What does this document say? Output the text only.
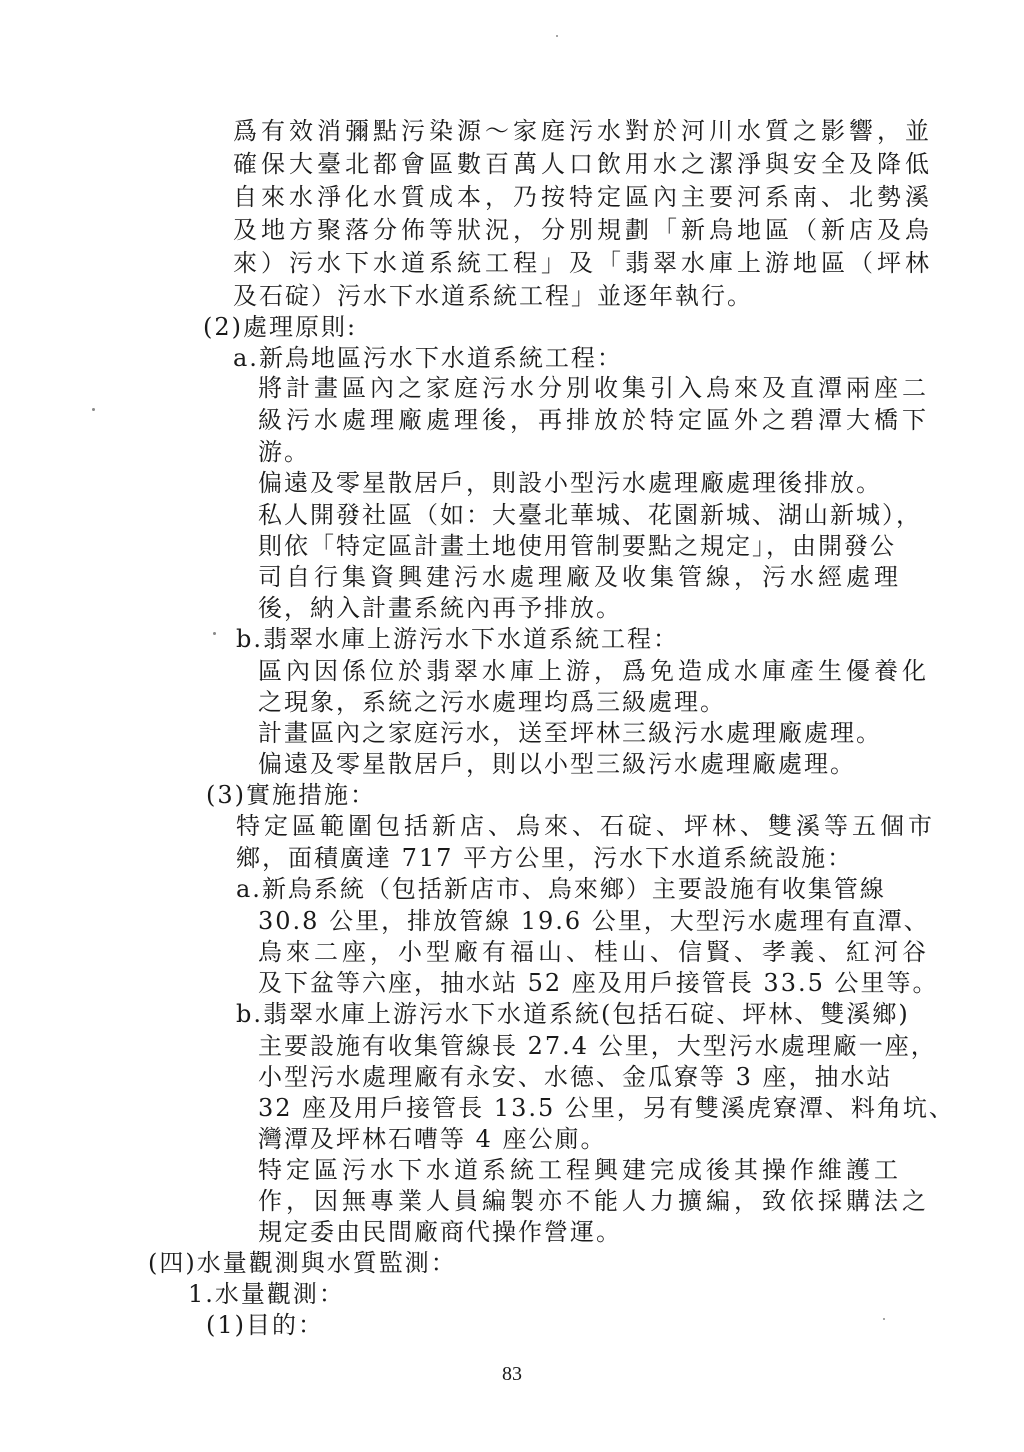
爲有效消彌點污染源～家庭污水對於河川水質之影響，並
確保大臺北都會區數百萬人口飲用水之潔淨與安全及降低
自來水淨化水質成本，乃按特定區內主要河系南、北勢溪
及地方聚落分佈等狀況，分別規劃「新烏地區（新店及烏
來）污水下水道系統工程」及「翡翠水庫上游地區（坪林
及石碇）污水下水道系統工程」並逐年執行。
(2)處理原則:
a.新烏地區污水下水道系統工程：
將計畫區內之家庭污水分別收集引入烏來及直潭兩座二
級污水處理廠處理後，再排放於特定區外之碧潭大橋下
游。
偏遠及零星散居戶，則設小型污水處理廠處理後排放。
私人開發社區（如：大臺北華城、花園新城、湖山新城），
則依「特定區計畫土地使用管制要點之規定」，由開發公
司自行集資興建污水處理廠及收集管線，污水經處理
後，納入計畫系統內再予排放。
b.翡翠水庫上游污水下水道系統工程：
區內因係位於翡翠水庫上游，爲免造成水庫產生優養化
之現象，系統之污水處理均爲三級處理。
計畫區內之家庭污水，送至坪林三級污水處理廠處理。
偏遠及零星散居戶，則以小型三級污水處理廠處理。
(3)實施措施：
特定區範圍包括新店、烏來、石碇、坪林、雙溪等五個市
鄉，面積廣達 717 平方公里，污水下水道系統設施：
a.新烏系統（包括新店市、烏來鄉）主要設施有收集管線
30.8 公里，排放管線 19.6 公里，大型污水處理有直潭、
烏來二座，小型廠有福山、桂山、信賢、孝義、紅河谷
及下盆等六座，抽水站 52 座及用戶接管長 33.5 公里等。
b.翡翠水庫上游污水下水道系統(包括石碇、坪林、雙溪鄉)
主要設施有收集管線長 27.4 公里，大型污水處理廠一座，
小型污水處理廠有永安、水德、金瓜寮等 3 座，抽水站
32 座及用戶接管長 13.5 公里，另有雙溪虎寮潭、料角坑、
灣潭及坪林石嘈等 4 座公廁。
特定區污水下水道系統工程興建完成後其操作維護工
作，因無專業人員編製亦不能人力擴編，致依採購法之
規定委由民間廠商代操作營運。
(四)水量觀測與水質監測：
1.水量觀測：
(1)目的：
83
